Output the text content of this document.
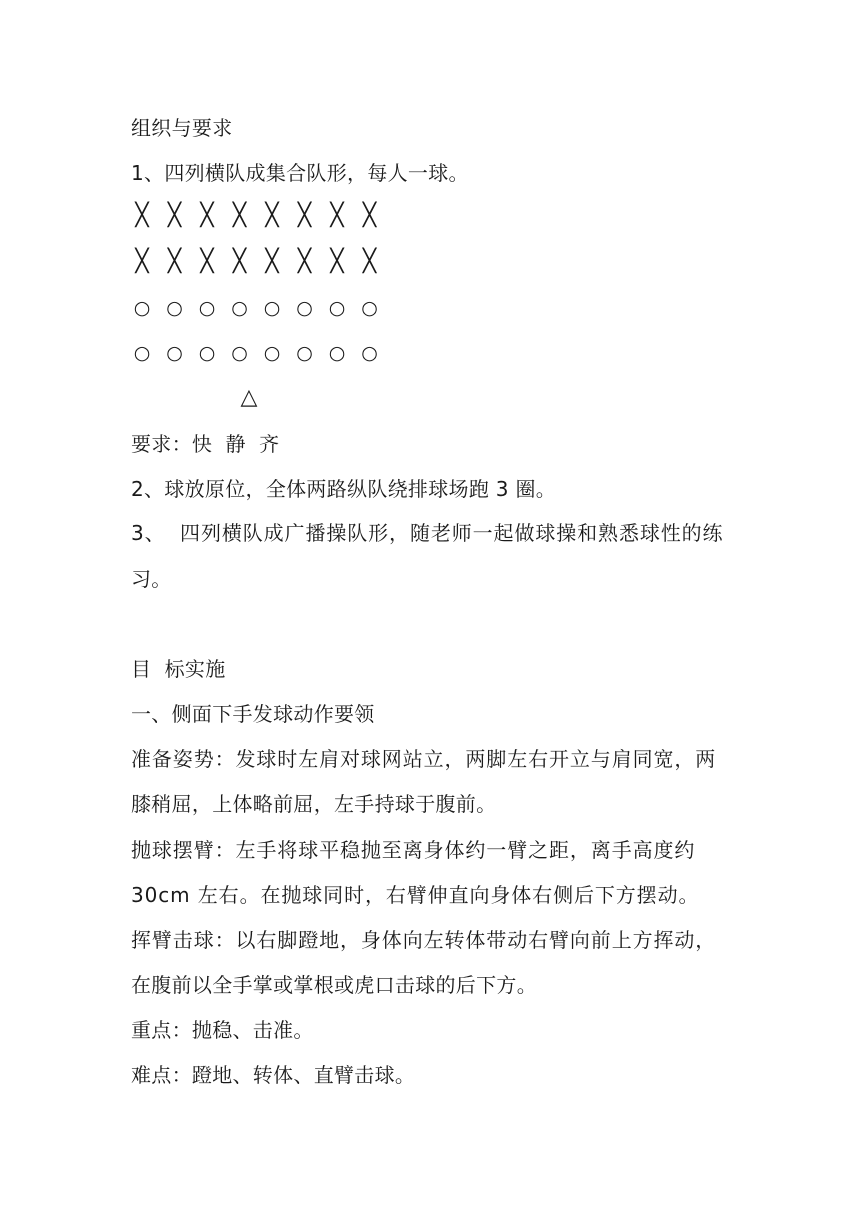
组织与要求
1、四列横队成集合队形，每人一球。
╳ ╳ ╳ ╳ ╳ ╳ ╳ ╳
╳ ╳ ╳ ╳ ╳ ╳ ╳ ╳
○ ○ ○ ○ ○ ○ ○ ○
○ ○ ○ ○ ○ ○ ○ ○
△
要求：快  静  齐
2、球放原位，全体两路纵队绕排球场跑 3 圈。
3、  四列横队成广播操队形，随老师一起做球操和熟悉球性的练
习。
目  标实施
一、侧面下手发球动作要领
准备姿势：发球时左肩对球网站立，两脚左右开立与肩同宽，两
膝稍屈，上体略前屈，左手持球于腹前。
抛球摆臂：左手将球平稳抛至离身体约一臂之距，离手高度约
30cm 左右。在抛球同时，右臂伸直向身体右侧后下方摆动。
挥臂击球：以右脚蹬地，身体向左转体带动右臂向前上方挥动，
在腹前以全手掌或掌根或虎口击球的后下方。
重点：抛稳、击准。
难点：蹬地、转体、直臂击球。
